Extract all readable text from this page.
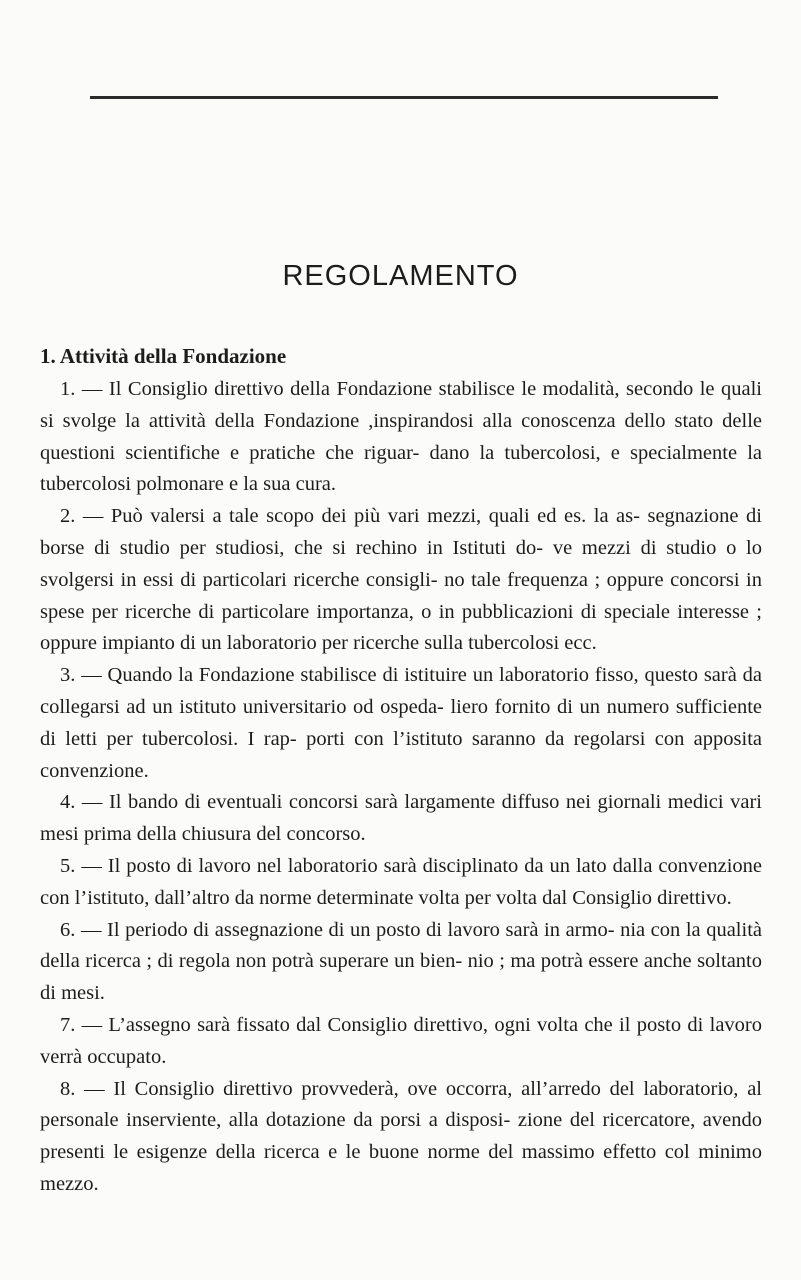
REGOLAMENTO
1. Attività della Fondazione

1. — Il Consiglio direttivo della Fondazione stabilisce le modalità, secondo le quali si svolge la attività della Fondazione ,inspirandosi alla conoscenza dello stato delle questioni scientifiche e pratiche che riguar- dano la tubercolosi, e specialmente la tubercolosi polmonare e la sua cura.

2. — Può valersi a tale scopo dei più vari mezzi, quali ed es. la as- segnazione di borse di studio per studiosi, che si rechino in Istituti do- ve mezzi di studio o lo svolgersi in essi di particolari ricerche consigli- no tale frequenza ; oppure concorsi in spese per ricerche di particolare importanza, o in pubblicazioni di speciale interesse ; oppure impianto di un laboratorio per ricerche sulla tubercolosi ecc.

3. — Quando la Fondazione stabilisce di istituire un laboratorio fisso, questo sarà da collegarsi ad un istituto universitario od ospeda- liero fornito di un numero sufficiente di letti per tubercolosi. I rap- porti con l’istituto saranno da regolarsi con apposita convenzione.

4. — Il bando di eventuali concorsi sarà largamente diffuso nei giornali medici vari mesi prima della chiusura del concorso.

5. — Il posto di lavoro nel laboratorio sarà disciplinato da un lato dalla convenzione con l’istituto, dall’altro da norme determinate volta per volta dal Consiglio direttivo.

6. — Il periodo di assegnazione di un posto di lavoro sarà in armo- nia con la qualità della ricerca ; di regola non potrà superare un bien- nio ; ma potrà essere anche soltanto di mesi.

7. — L’assegno sarà fissato dal Consiglio direttivo, ogni volta che il posto di lavoro verrà occupato.

8. — Il Consiglio direttivo provvederà, ove occorra, all’arredo del laboratorio, al personale inserviente, alla dotazione da porsi a disposi- zione del ricercatore, avendo presenti le esigenze della ricerca e le buone norme del massimo effetto col minimo mezzo.
